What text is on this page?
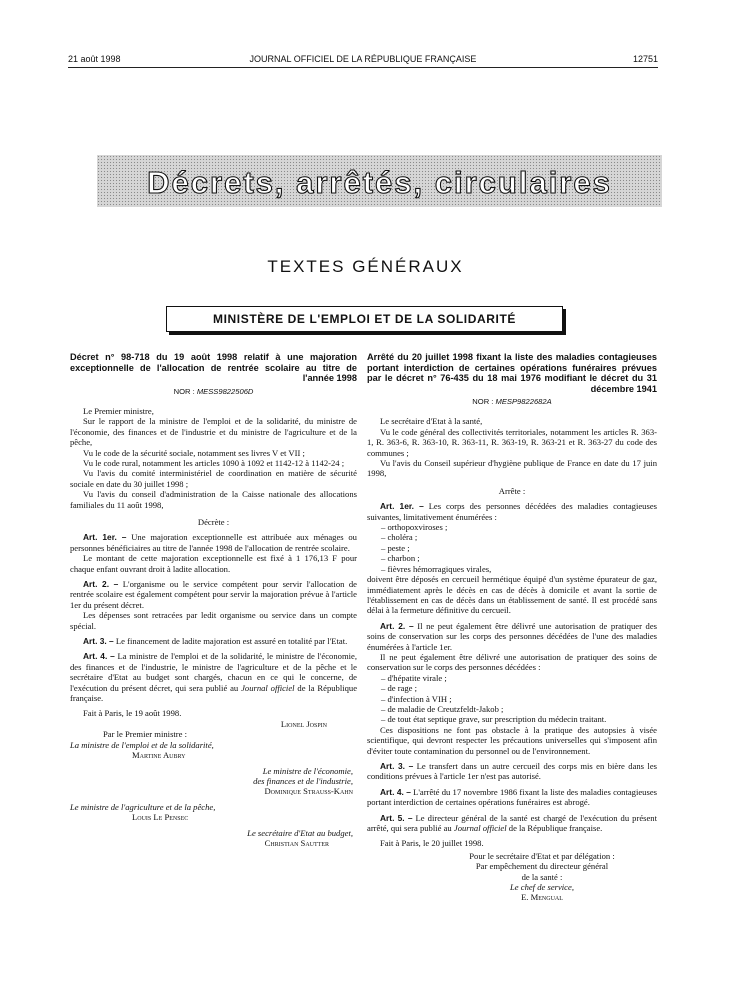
21 août 1998	JOURNAL OFFICIEL DE LA RÉPUBLIQUE FRANÇAISE	12751
Décrets, arrêtés, circulaires
TEXTES GÉNÉRAUX
MINISTÈRE DE L'EMPLOI ET DE LA SOLIDARITÉ
Décret n° 98-718 du 19 août 1998 relatif à une majoration exceptionnelle de l'allocation de rentrée scolaire au titre de l'année 1998
NOR : MESS9822506D

Le Premier ministre,

Sur le rapport de la ministre de l'emploi et de la solidarité, du ministre de l'économie, des finances et de l'industrie et du ministre de l'agriculture et de la pêche,

Vu le code de la sécurité sociale, notamment ses livres V et VII ;

Vu le code rural, notamment les articles 1090 à 1092 et 1142-12 à 1142-24 ;

Vu l'avis du comité interministériel de coordination en matière de sécurité sociale en date du 30 juillet 1998 ;

Vu l'avis du conseil d'administration de la Caisse nationale des allocations familiales du 11 août 1998,

Décrète :

Art. 1er. – Une majoration exceptionnelle est attribuée aux ménages ou personnes bénéficiaires au titre de l'année 1998 de l'allocation de rentrée scolaire.

Le montant de cette majoration exceptionnelle est fixé à 1 176,13 F pour chaque enfant ouvrant droit à ladite allocation.

Art. 2. – L'organisme ou le service compétent pour servir l'allocation de rentrée scolaire est également compétent pour servir la majoration prévue à l'article 1er du présent décret.

Les dépenses sont retracées par ledit organisme ou service dans un compte spécial.

Art. 3. – Le financement de ladite majoration est assuré en totalité par l'Etat.

Art. 4. – La ministre de l'emploi et de la solidarité, le ministre de l'économie, des finances et de l'industrie, le ministre de l'agriculture et de la pêche et le secrétaire d'Etat au budget sont chargés, chacun en ce qui le concerne, de l'exécution du présent décret, qui sera publié au Journal officiel de la République française.

Fait à Paris, le 19 août 1998.

Lionel Jospin

Par le Premier ministre :

La ministre de l'emploi et de la solidarité,

Martine Aubry

Le ministre de l'économie,

des finances et de l'industrie,

Dominique Strauss-Kahn

Le ministre de l'agriculture et de la pêche,

Louis Le Pensec

Le secrétaire d'Etat au budget,

Christian Sautter

Arrêté du 20 juillet 1998 fixant la liste des maladies contagieuses portant interdiction de certaines opérations funéraires prévues par le décret n° 76-435 du 18 mai 1976 modifiant le décret du 31 décembre 1941
NOR : MESP9822682A

Le secrétaire d'Etat à la santé,

Vu le code général des collectivités territoriales, notamment les articles R. 363-1, R. 363-6, R. 363-10, R. 363-11, R. 363-19, R. 363-21 et R. 363-27 du code des communes ;

Vu l'avis du Conseil supérieur d'hygiène publique de France en date du 17 juin 1998,

Arrête :

Art. 1er. – Les corps des personnes décédées des maladies contagieuses suivantes, limitativement énumérées :

– orthopoxviroses ;

– choléra ;

– peste ;

– charbon ;

– fièvres hémorragiques virales,

doivent être déposés en cercueil hermétique équipé d'un système épurateur de gaz, immédiatement après le décès en cas de décès à domicile et avant la sortie de l'établissement en cas de décès dans un établissement de santé. Il est procédé sans délai à la fermeture définitive du cercueil.

Art. 2. – Il ne peut également être délivré une autorisation de pratiquer des soins de conservation sur les corps des personnes décédées de l'une des maladies énumérées à l'article 1er.

Il ne peut également être délivré une autorisation de pratiquer des soins de conservation sur le corps des personnes décédées :

– d'hépatite virale ;

– de rage ;

– d'infection à VIH ;

– de maladie de Creutzfeldt-Jakob ;

– de tout état septique grave, sur prescription du médecin traitant.

Ces dispositions ne font pas obstacle à la pratique des autopsies à visée scientifique, qui devront respecter les précautions universelles qui s'imposent afin d'éviter toute contamination du personnel ou de l'environnement.

Art. 3. – Le transfert dans un autre cercueil des corps mis en bière dans les conditions prévues à l'article 1er n'est pas autorisé.

Art. 4. – L'arrêté du 17 novembre 1986 fixant la liste des maladies contagieuses portant interdiction de certaines opérations funéraires est abrogé.

Art. 5. – Le directeur général de la santé est chargé de l'exécution du présent arrêté, qui sera publié au Journal officiel de la République française.

Fait à Paris, le 20 juillet 1998.

Pour le secrétaire d'Etat et par délégation :

Par empêchement du directeur général

de la santé :

Le chef de service,

E. Mengual
